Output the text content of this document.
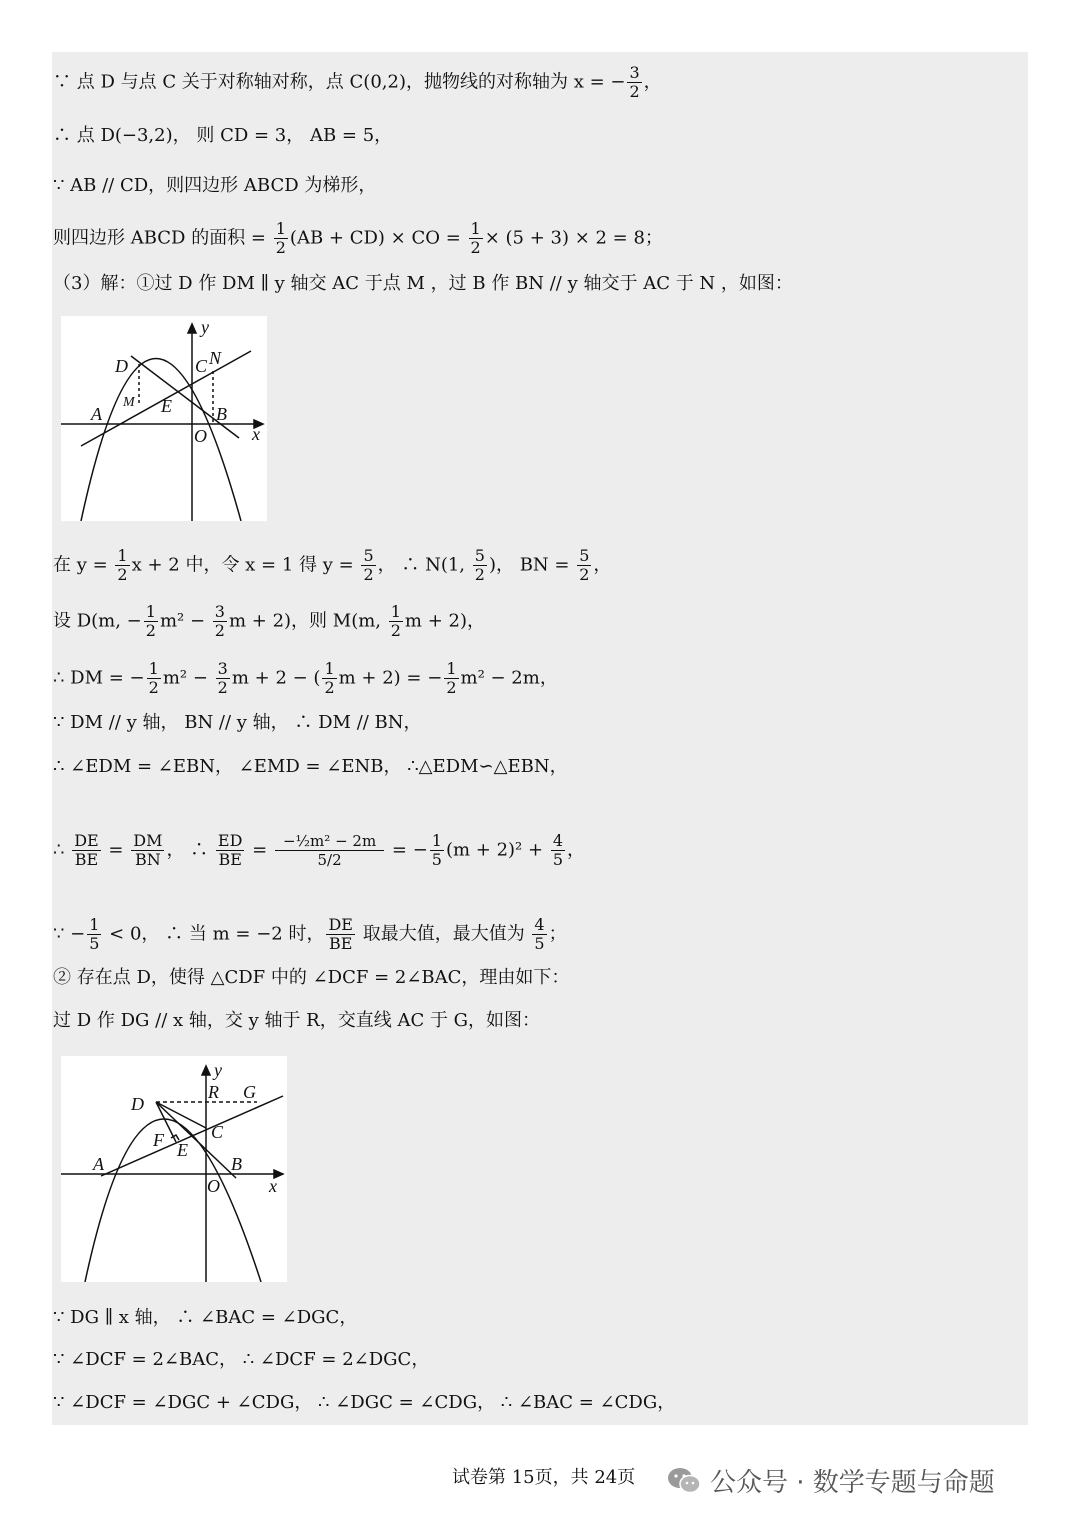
∵ 点 D 与点 C 关于对称轴对称，点 C(0,2)，抛物线的对称轴为 x = − $\frac{3}{2}$ ，
∴ 点 D(−3,2)， 则 CD = 3， AB = 5，
∵ AB // CD，则四边形 ABCD 为梯形，
则四边形 ABCD 的面积 = $\frac{1}{2} (AB + CD)$ × CO = $\frac{1}{2} \times (5 + 3) \times 2 = 8$；
（3）解：①过 D 作 DM ∥ y 轴交 AC 于点 M ，过 B 作 BN // y 轴交于 AC 于 N ，如图：
y
D	C N
M E
A	B
O	x
在 $y = \frac{1}{2}$ x + 2 中，令 x = 1 得 $y = \frac{5}{2}$ ， ∴ N(1, $\frac{5}{2}$ )， BN = $\frac{5}{2}$ ，
设 D(m, − $\frac{1}{2} m^2 - \frac{3}{2}$ m + 2)，则 M(m, $\frac{1}{2}$ m + 2)，
∴ DM = − $\frac{1}{2} m^2 - \frac{3}{2}$ m + 2 − ( $\frac{1}{2}$ m + 2) = − $\frac{1}{2} m^2 - 2m$，
∵ DM // y 轴， BN // y 轴， ∴ DM // BN，
∴ ∠EDM = ∠EBN， ∠EMD = ∠ENB， ∴△EDM∽△EBN，
∴ $\frac{DE}{BE} = \frac{DM}{BN}$ ， ∴ $\frac{ED}{BE} = \frac{\text{−½m² − 2m}}{5/2}$ = − $\frac{1}{5} (m + 2)^2 + \frac{4}{5}$ ，
∵ − $\frac{1}{5} < 0$， ∴ 当 m = −2 时， $\frac{DE}{BE}$ 取最大值，最大值为 $\frac{4}{5}$ ；
② 存在点 D，使得 △CDF 中的 ∠DCF = 2∠BAC，理由如下：
过 D 作 DG // x 轴，交 y 轴于 R，交直线 AC 于 G，如图：
y
R G
D
C
F E
A	B
O	x
∵ DG ∥ x 轴， ∴ ∠BAC = ∠DGC，
∵ ∠DCF = 2∠BAC， ∴ ∠DCF = 2∠DGC，
∵ ∠DCF = ∠DGC + ∠CDG， ∴ ∠DGC = ∠CDG， ∴ ∠BAC = ∠CDG，
试卷第 15页，共 24页	公众号 · 数学专题与命题
